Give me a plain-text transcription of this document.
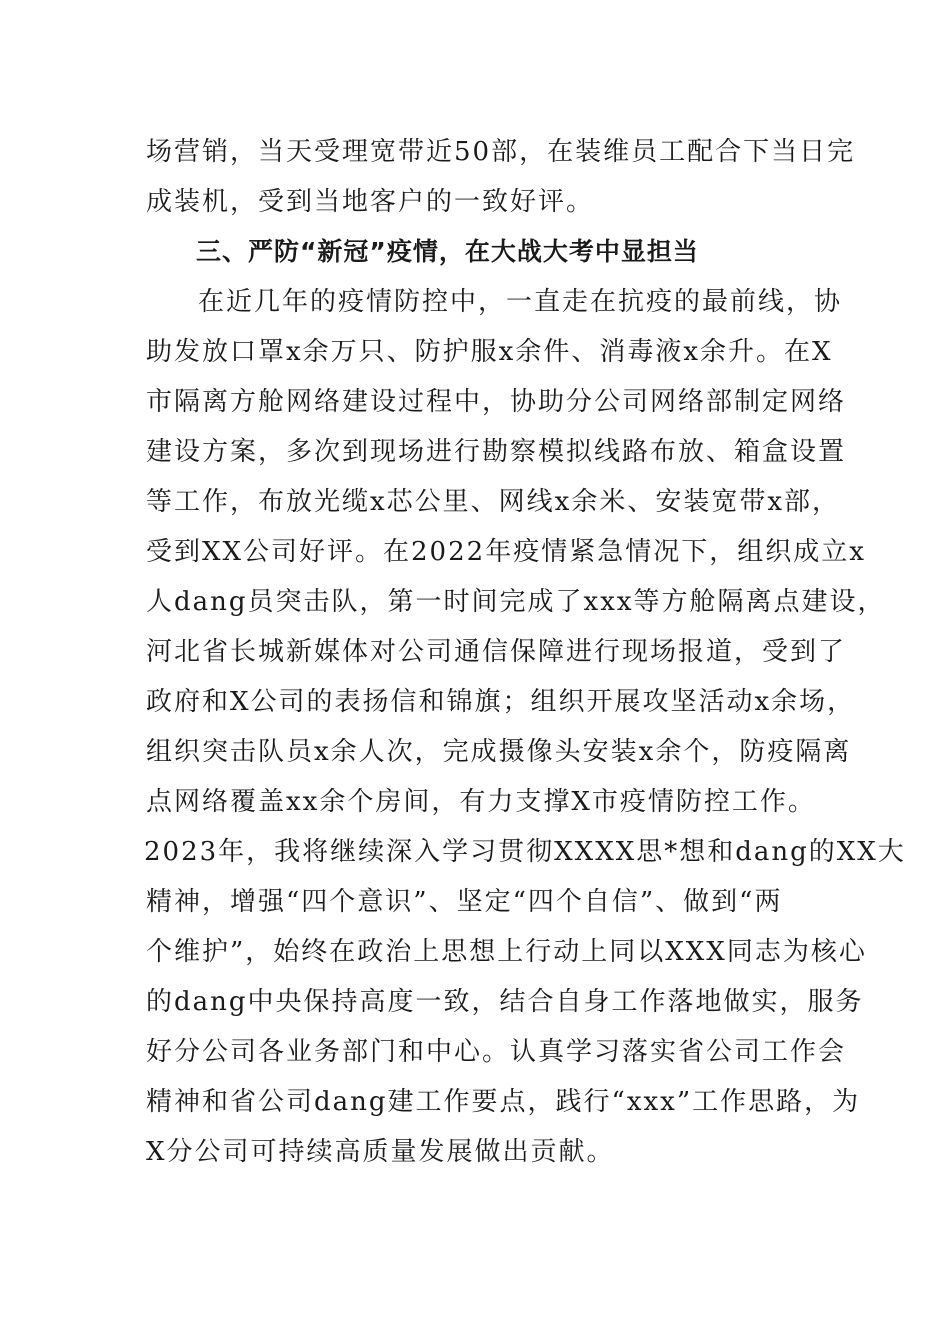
场营销，当天受理宽带近50部，在装维员工配合下当日完
成装机，受到当地客户的一致好评。
三、严防“新冠”疫情，在大战大考中显担当
在近几年的疫情防控中，一直走在抗疫的最前线，协
助发放口罩x余万只、防护服x余件、消毒液x余升。在X
市隔离方舱网络建设过程中，协助分公司网络部制定网络
建设方案，多次到现场进行勘察模拟线路布放、箱盒设置
等工作，布放光缆x芯公里、网线x余米、安装宽带x部，
受到XX公司好评。在2022年疫情紧急情况下，组织成立x
人dang员突击队，第一时间完成了xxx等方舱隔离点建设，
河北省长城新媒体对公司通信保障进行现场报道，受到了
政府和X公司的表扬信和锦旗；组织开展攻坚活动x余场，
组织突击队员x余人次，完成摄像头安装x余个，防疫隔离
点网络覆盖xx余个房间，有力支撑X市疫情防控工作。
2023年，我将继续深入学习贯彻XXXX思*想和dang的XX大
精神，增强“四个意识”、坚定“四个自信”、做到“两
个维护”，始终在政治上思想上行动上同以XXX同志为核心
的dang中央保持高度一致，结合自身工作落地做实，服务
好分公司各业务部门和中心。认真学习落实省公司工作会
精神和省公司dang建工作要点，践行“xxx”工作思路，为
X分公司可持续高质量发展做出贡献。
